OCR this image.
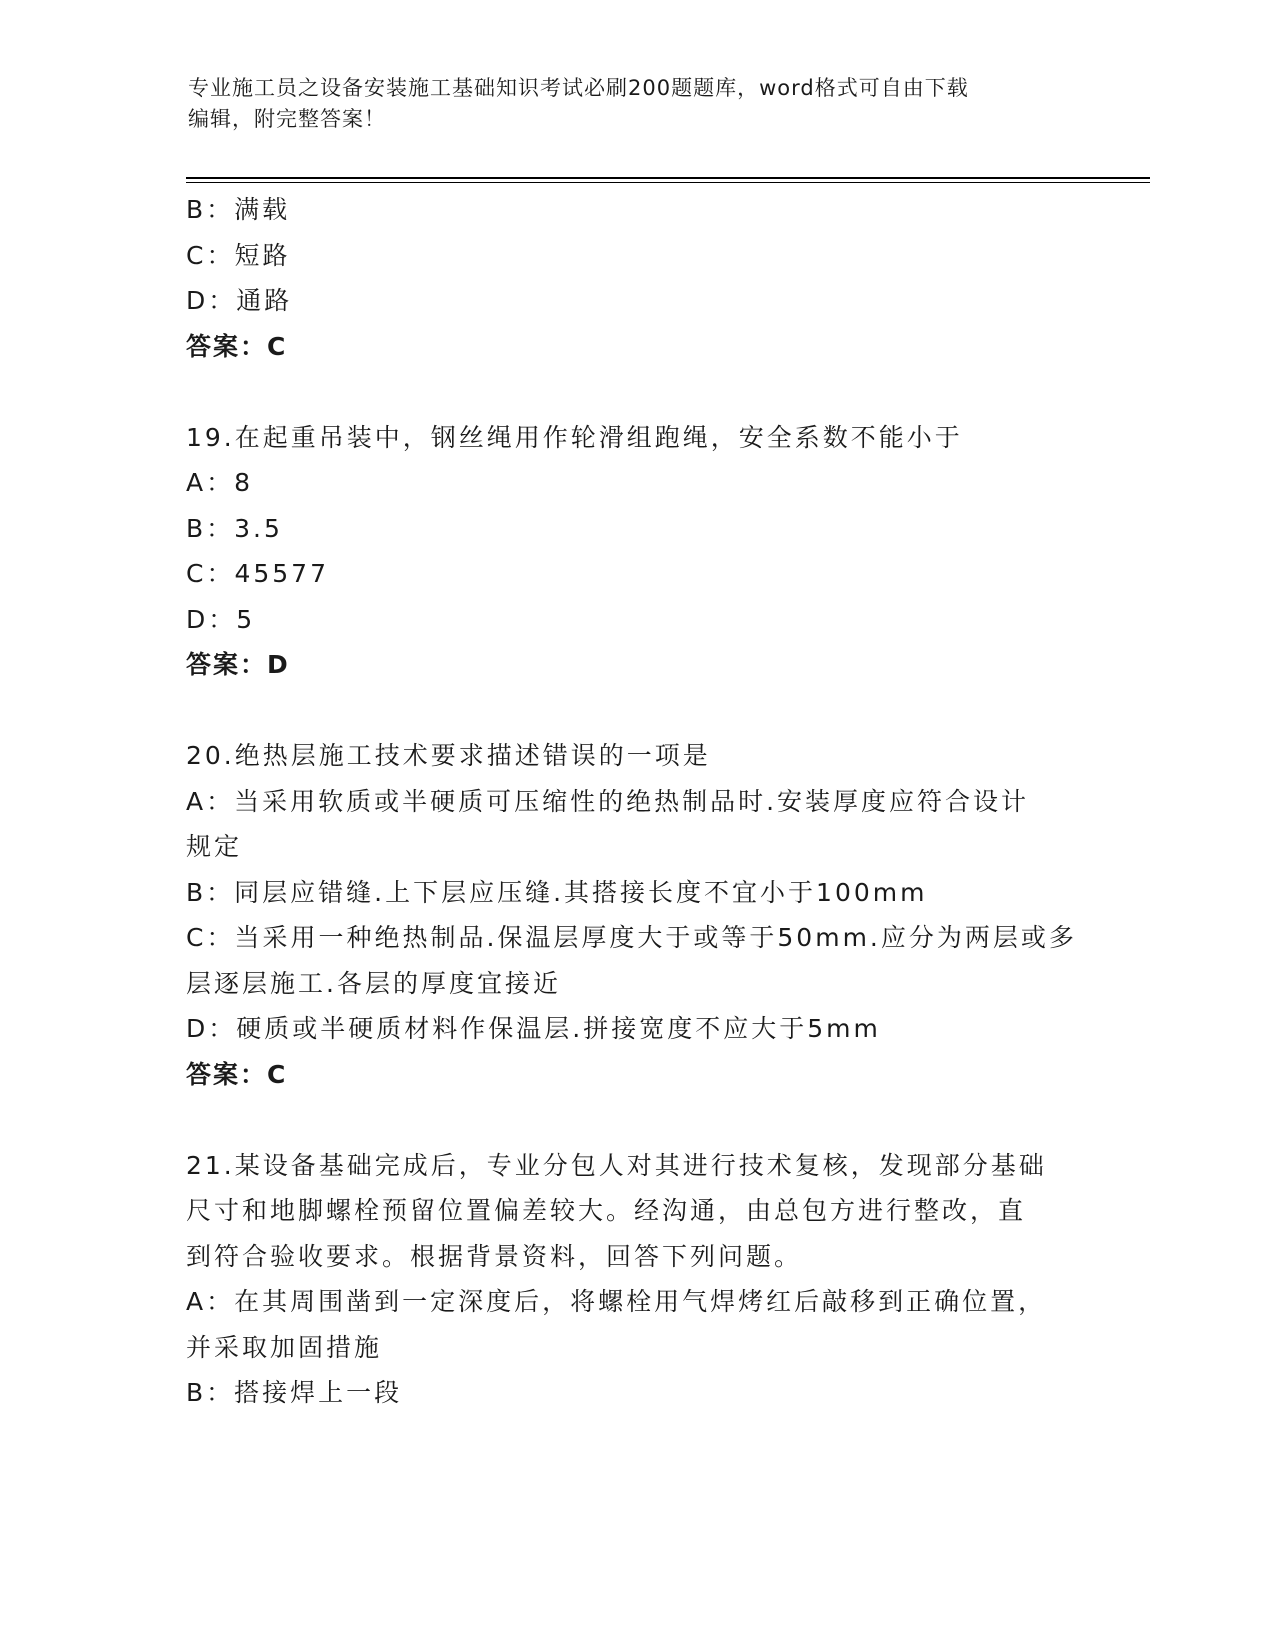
专业施工员之设备安装施工基础知识考试必刷200题题库，word格式可自由下载
编辑，附完整答案！
B：满载
C：短路
D：通路
答案：C
19.在起重吊装中，钢丝绳用作轮滑组跑绳，安全系数不能小于
A：8
B：3.5
C：45577
D：5
答案：D
20.绝热层施工技术要求描述错误的一项是
A：当采用软质或半硬质可压缩性的绝热制品时.安装厚度应符合设计
规定
B：同层应错缝.上下层应压缝.其搭接长度不宜小于100mm
C：当采用一种绝热制品.保温层厚度大于或等于50mm.应分为两层或多
层逐层施工.各层的厚度宜接近
D：硬质或半硬质材料作保温层.拼接宽度不应大于5mm
答案：C
21.某设备基础完成后，专业分包人对其进行技术复核，发现部分基础
尺寸和地脚螺栓预留位置偏差较大。经沟通，由总包方进行整改，直
到符合验收要求。根据背景资料，回答下列问题。
A：在其周围凿到一定深度后，将螺栓用气焊烤红后敲移到正确位置，
并采取加固措施
B：搭接焊上一段
